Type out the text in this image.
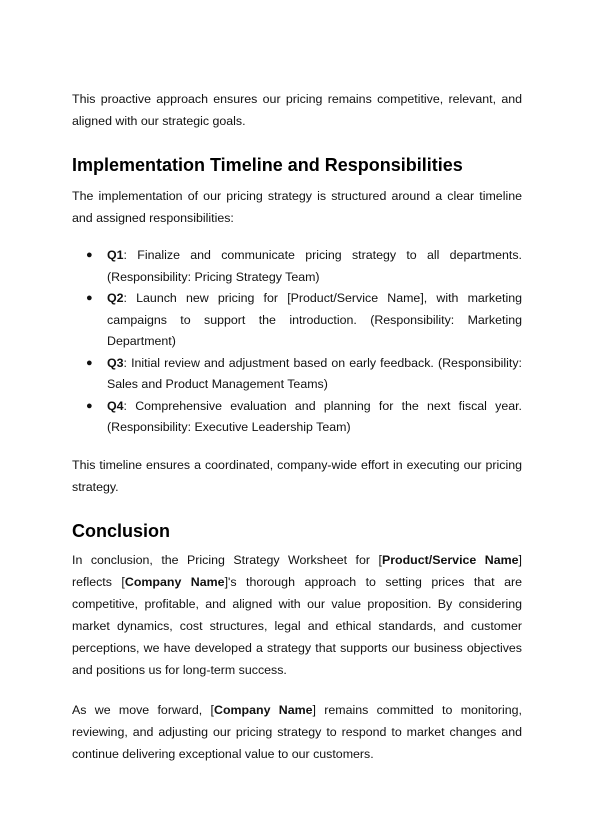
This proactive approach ensures our pricing remains competitive, relevant, and aligned with our strategic goals.

Implementation Timeline and Responsibilities

The implementation of our pricing strategy is structured around a clear timeline and assigned responsibilities:

● Q1: Finalize and communicate pricing strategy to all departments. (Responsibility: Pricing Strategy Team)
● Q2: Launch new pricing for [Product/Service Name], with marketing campaigns to support the introduction. (Responsibility: Marketing Department)
● Q3: Initial review and adjustment based on early feedback. (Responsibility: Sales and Product Management Teams)
● Q4: Comprehensive evaluation and planning for the next fiscal year. (Responsibility: Executive Leadership Team)

This timeline ensures a coordinated, company-wide effort in executing our pricing strategy.

Conclusion

In conclusion, the Pricing Strategy Worksheet for [Product/Service Name] reflects [Company Name]'s thorough approach to setting prices that are competitive, profitable, and aligned with our value proposition. By considering market dynamics, cost structures, legal and ethical standards, and customer perceptions, we have developed a strategy that supports our business objectives and positions us for long-term success.

As we move forward, [Company Name] remains committed to monitoring, reviewing, and adjusting our pricing strategy to respond to market changes and continue delivering exceptional value to our customers.
